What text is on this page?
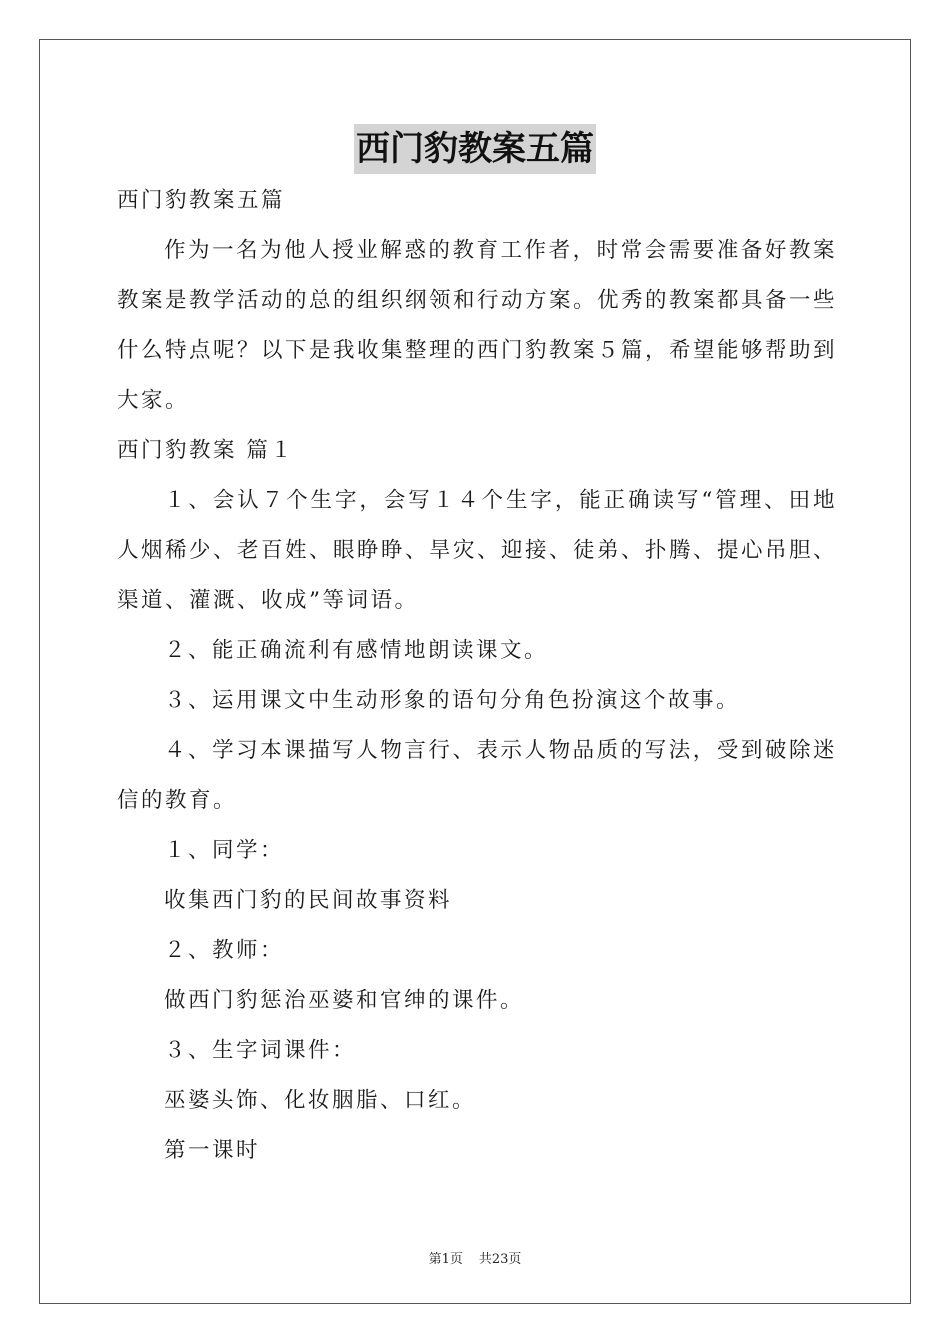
西门豹教案五篇

西门豹教案五篇

作为一名为他人授业解惑的教育工作者，时常会需要准备好教案教案是教学活动的总的组织纲领和行动方案。优秀的教案都具备一些什么特点呢？以下是我收集整理的西门豹教案５篇，希望能够帮助到大家。

西门豹教案 篇１

１、会认７个生字，会写１４个生字，能正确读写“管理、田地人烟稀少、老百姓、眼睁睁、旱灾、迎接、徒弟、扑腾、提心吊胆、渠道、灌溉、收成”等词语。

２、能正确流利有感情地朗读课文。

３、运用课文中生动形象的语句分角色扮演这个故事。

４、学习本课描写人物言行、表示人物品质的写法，受到破除迷信的教育。

１、同学：

收集西门豹的民间故事资料

２、教师：

做西门豹惩治巫婆和官绅的课件。

３、生字词课件：

巫婆头饰、化妆胭脂、口红。

第一课时

第1页 共23页
